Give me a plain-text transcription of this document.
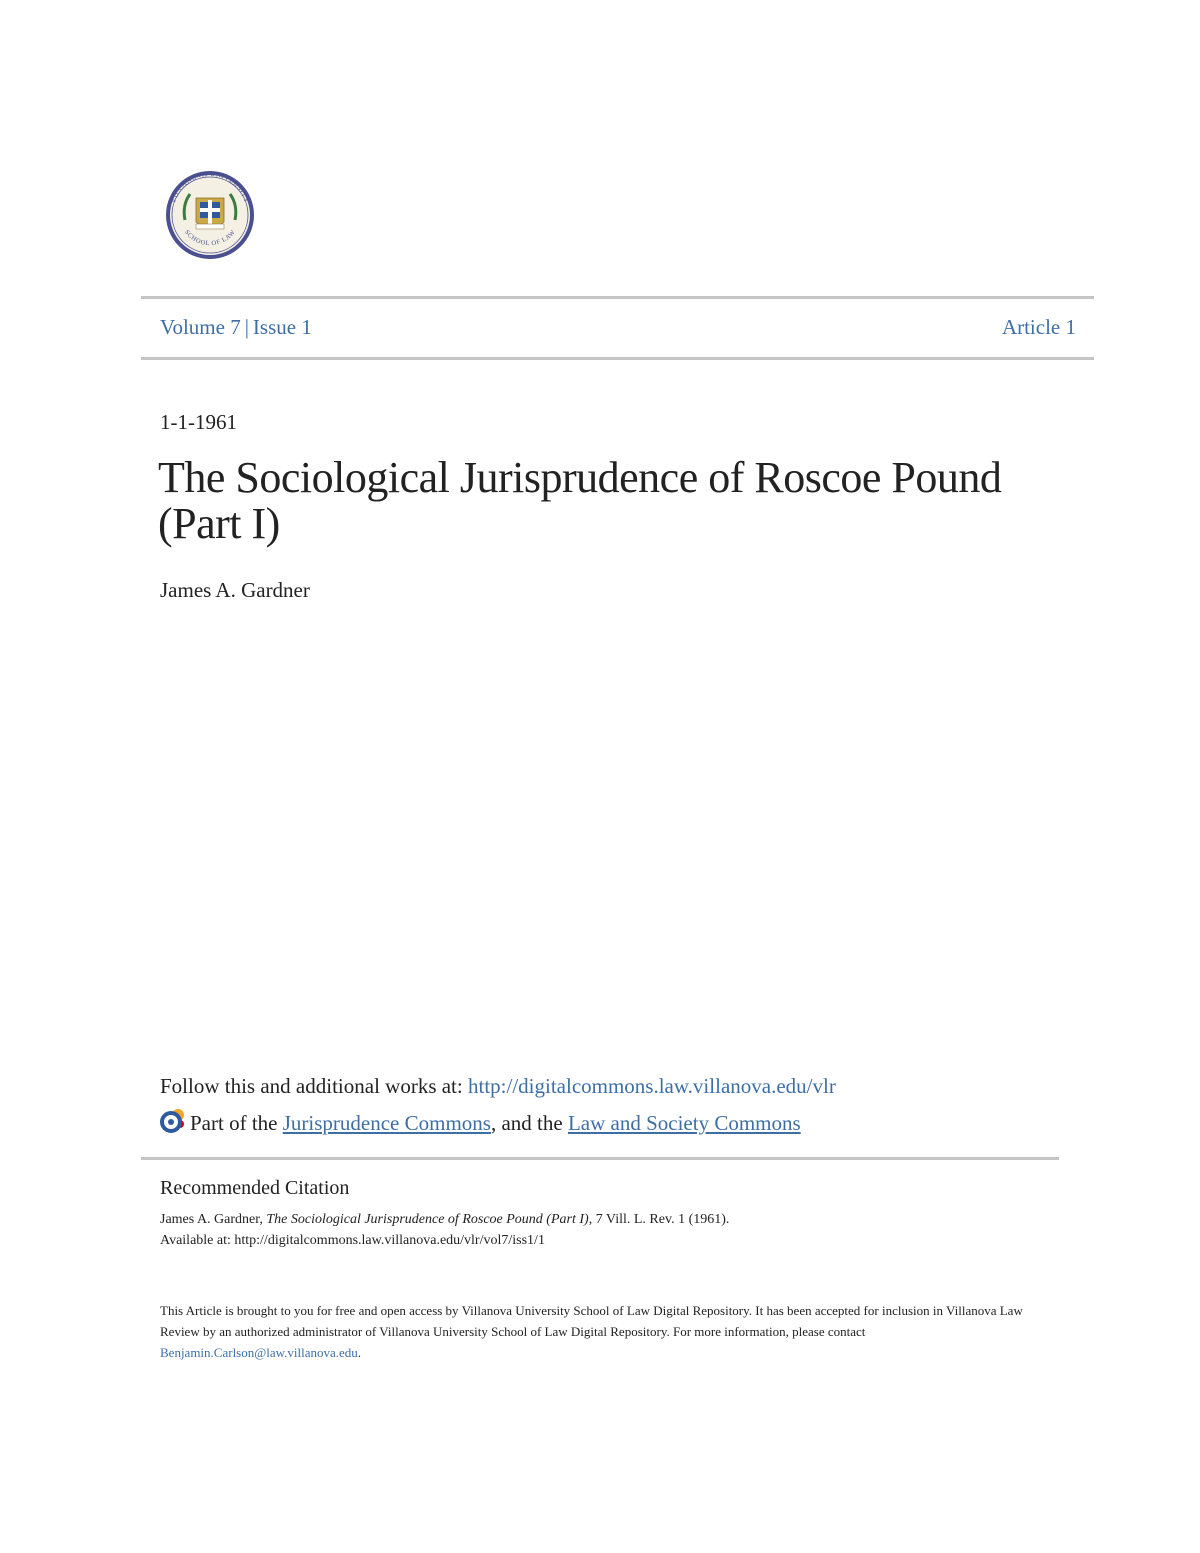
VILLANOVA UNIVERSITY
SCHOOL OF LAW
Volume 7 | Issue 1	Article 1
1-1-1961
The Sociological Jurisprudence of Roscoe Pound (Part I)
James A. Gardner
Follow this and additional works at: http://digitalcommons.law.villanova.edu/vlr
Part of the Jurisprudence Commons, and the Law and Society Commons
Recommended Citation
James A. Gardner, The Sociological Jurisprudence of Roscoe Pound (Part I), 7 Vill. L. Rev. 1 (1961).
Available at: http://digitalcommons.law.villanova.edu/vlr/vol7/iss1/1
This Article is brought to you for free and open access by Villanova University School of Law Digital Repository. It has been accepted for inclusion in Villanova Law Review by an authorized administrator of Villanova University School of Law Digital Repository. For more information, please contact Benjamin.Carlson@law.villanova.edu.
